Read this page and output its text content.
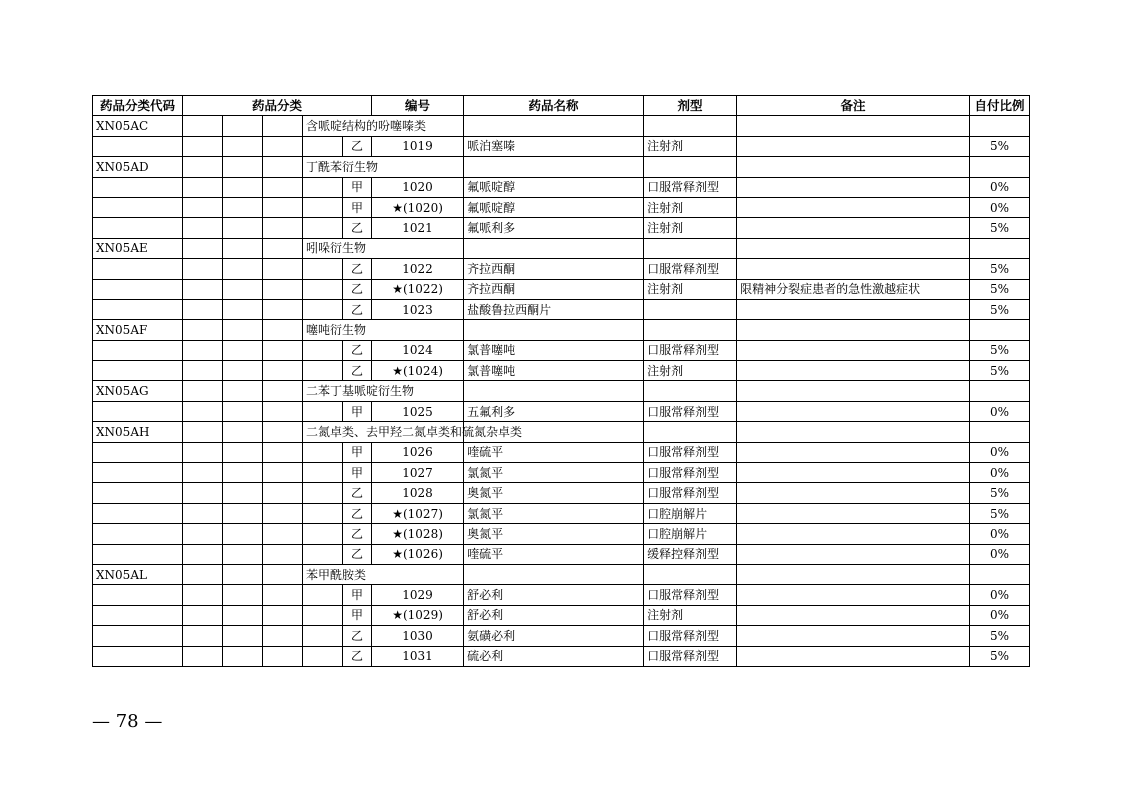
药品分类代码	药品分类					编号	药品名称	剂型	备注	自付比例
XN05AC				含哌啶结构的吩噻嗪类						
					乙	1019	哌泊塞嗪	注射剂		5%
XN05AD				丁酰苯衍生物						
					甲	1020	氟哌啶醇	口服常释剂型		0%
					甲	★(1020)	氟哌啶醇	注射剂		0%
					乙	1021	氟哌利多	注射剂		5%
XN05AE				吲哚衍生物						
					乙	1022	齐拉西酮	口服常释剂型		5%
					乙	★(1022)	齐拉西酮	注射剂	限精神分裂症患者的急性激越症状	5%
					乙	1023	盐酸鲁拉西酮片			5%
XN05AF				噻吨衍生物						
					乙	1024	氯普噻吨	口服常释剂型		5%
					乙	★(1024)	氯普噻吨	注射剂		5%
XN05AG				二苯丁基哌啶衍生物						
					甲	1025	五氟利多	口服常释剂型		0%
XN05AH				二氮卓类、去甲羟二氮卓类和硫氮杂卓类						
					甲	1026	喹硫平	口服常释剂型		0%
					甲	1027	氯氮平	口服常释剂型		0%
					乙	1028	奥氮平	口服常释剂型		5%
					乙	★(1027)	氯氮平	口腔崩解片		5%
					乙	★(1028)	奥氮平	口腔崩解片		0%
					乙	★(1026)	喹硫平	缓释控释剂型		0%
XN05AL				苯甲酰胺类						
					甲	1029	舒必利	口服常释剂型		0%
					甲	★(1029)	舒必利	注射剂		0%
					乙	1030	氨磺必利	口服常释剂型		5%
					乙	1031	硫必利	口服常释剂型		5%
— 78 —
